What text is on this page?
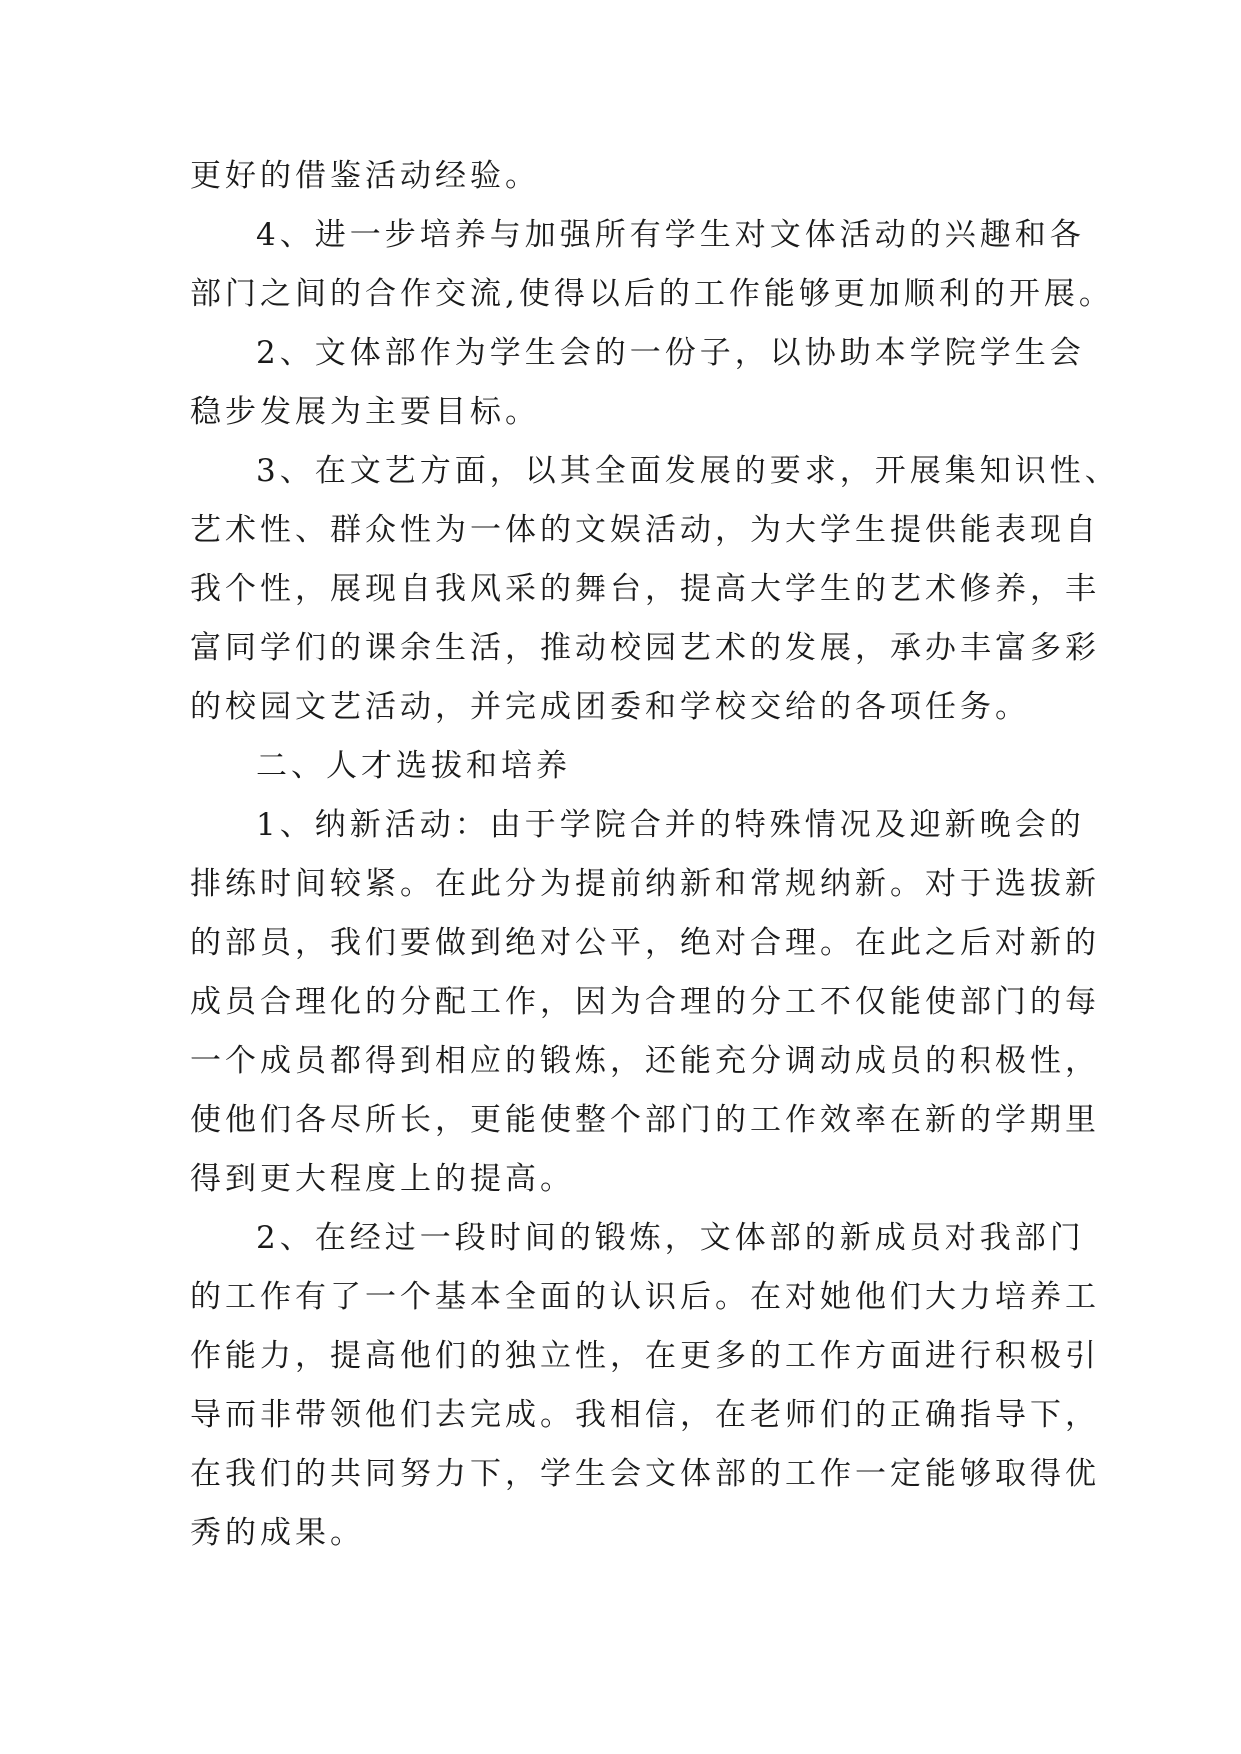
更好的借鉴活动经验。
4、进一步培养与加强所有学生对文体活动的兴趣和各
部门之间的合作交流,使得以后的工作能够更加顺利的开展。
2、文体部作为学生会的一份子，以协助本学院学生会
稳步发展为主要目标。
3、在文艺方面，以其全面发展的要求，开展集知识性、
艺术性、群众性为一体的文娱活动，为大学生提供能表现自
我个性，展现自我风采的舞台，提高大学生的艺术修养，丰
富同学们的课余生活，推动校园艺术的发展，承办丰富多彩
的校园文艺活动，并完成团委和学校交给的各项任务。
二、人才选拔和培养
1、纳新活动：由于学院合并的特殊情况及迎新晚会的
排练时间较紧。在此分为提前纳新和常规纳新。对于选拔新
的部员，我们要做到绝对公平，绝对合理。在此之后对新的
成员合理化的分配工作，因为合理的分工不仅能使部门的每
一个成员都得到相应的锻炼，还能充分调动成员的积极性，
使他们各尽所长，更能使整个部门的工作效率在新的学期里
得到更大程度上的提高。
2、在经过一段时间的锻炼，文体部的新成员对我部门
的工作有了一个基本全面的认识后。在对她他们大力培养工
作能力，提高他们的独立性，在更多的工作方面进行积极引
导而非带领他们去完成。我相信，在老师们的正确指导下，
在我们的共同努力下，学生会文体部的工作一定能够取得优
秀的成果。
